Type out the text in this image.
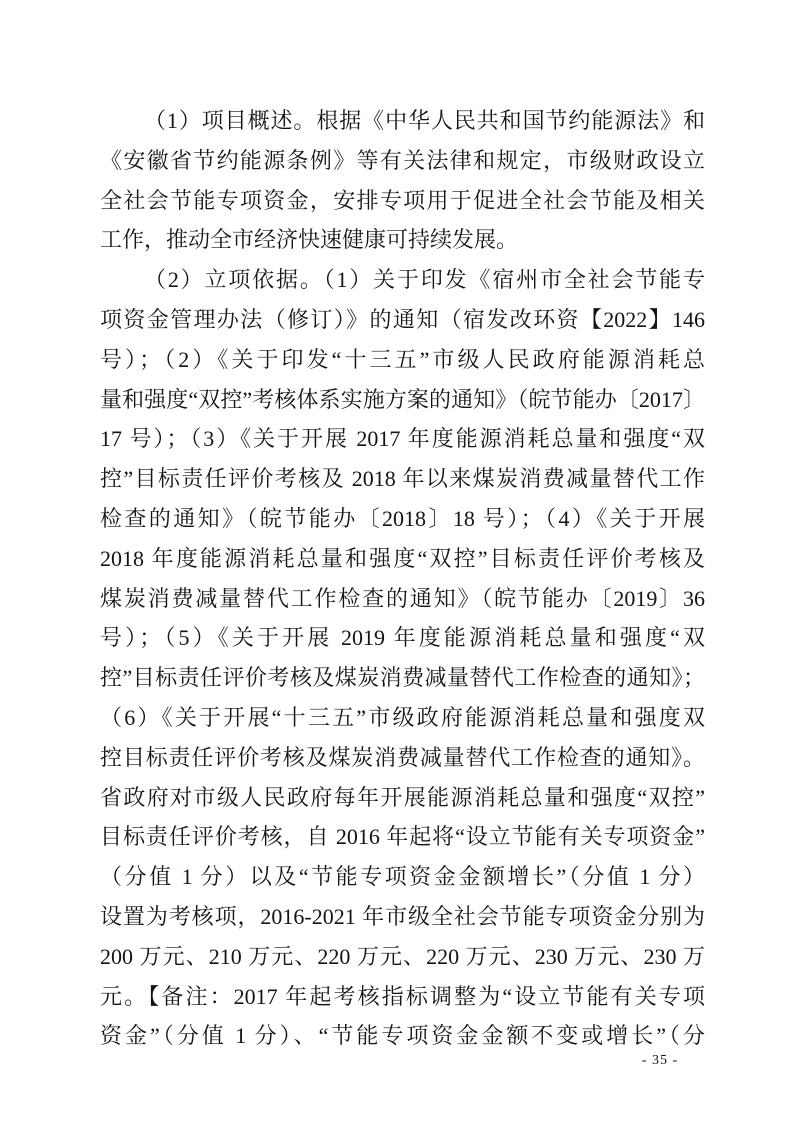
（1）项目概述。根据《中华人民共和国节约能源法》和
《安徽省节约能源条例》等有关法律和规定，市级财政设立
全社会节能专项资金，安排专项用于促进全社会节能及相关
工作，推动全市经济快速健康可持续发展。
（2）立项依据。（1）关于印发《宿州市全社会节能专
项资金管理办法（修订）》的通知（宿发改环资【2022】146
号）；（2）《关于印发“十三五”市级人民政府能源消耗总
量和强度“双控”考核体系实施方案的通知》（皖节能办〔2017〕
17 号）；（3）《关于开展 2017 年度能源消耗总量和强度“双
控”目标责任评价考核及 2018 年以来煤炭消费减量替代工作
检查的通知》（皖节能办〔2018〕18 号）；（4）《关于开展
2018 年度能源消耗总量和强度“双控”目标责任评价考核及
煤炭消费减量替代工作检查的通知》（皖节能办〔2019〕36
号）；（5）《关于开展 2019 年度能源消耗总量和强度“双
控”目标责任评价考核及煤炭消费减量替代工作检查的通知》；
（6）《关于开展“十三五”市级政府能源消耗总量和强度双
控目标责任评价考核及煤炭消费减量替代工作检查的通知》。
省政府对市级人民政府每年开展能源消耗总量和强度“双控”
目标责任评价考核，自 2016 年起将“设立节能有关专项资金”
（分值 1 分）以及“节能专项资金金额增长”（分值 1 分）
设置为考核项，2016-2021 年市级全社会节能专项资金分别为
200 万元、210 万元、220 万元、220 万元、230 万元、230 万
元。【备注：2017 年起考核指标调整为“设立节能有关专项
资金”（分值 1 分）、“节能专项资金金额不变或增长”（分
- 35 -
